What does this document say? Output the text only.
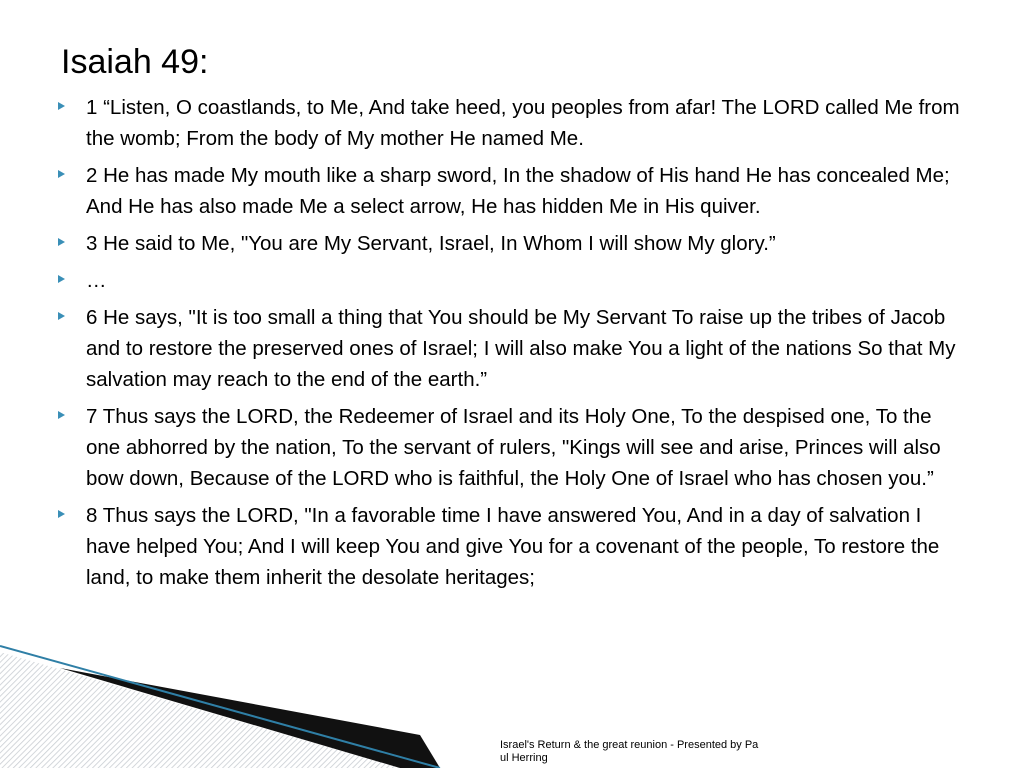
Isaiah 49:
1 “Listen, O coastlands, to Me, And take heed, you peoples from afar! The LORD called Me from the womb; From the body of My mother He named Me.
2 He has made My mouth like a sharp sword, In the shadow of His hand He has concealed Me; And He has also made Me a select arrow, He has hidden Me in His quiver.
3 He said to Me, "You are My Servant, Israel, In Whom I will show My glory.”
…
6 He says, "It is too small a thing that You should be My Servant To raise up the tribes of Jacob and to restore the preserved ones of Israel; I will also make You a light of the nations So that My salvation may reach to the end of the earth.”
7 Thus says the LORD, the Redeemer of Israel and its Holy One, To the despised one, To the one abhorred by the nation, To the servant of rulers, "Kings will see and arise, Princes will also bow down, Because of the LORD who is faithful, the Holy One of Israel who has chosen you.”
8 Thus says the LORD, "In a favorable time I have answered You, And in a day of salvation I have helped You; And I will keep You and give You for a covenant of the people, To restore the land, to make them inherit the desolate heritages;
Israel's Return & the great reunion - Presented by Paul Herring
